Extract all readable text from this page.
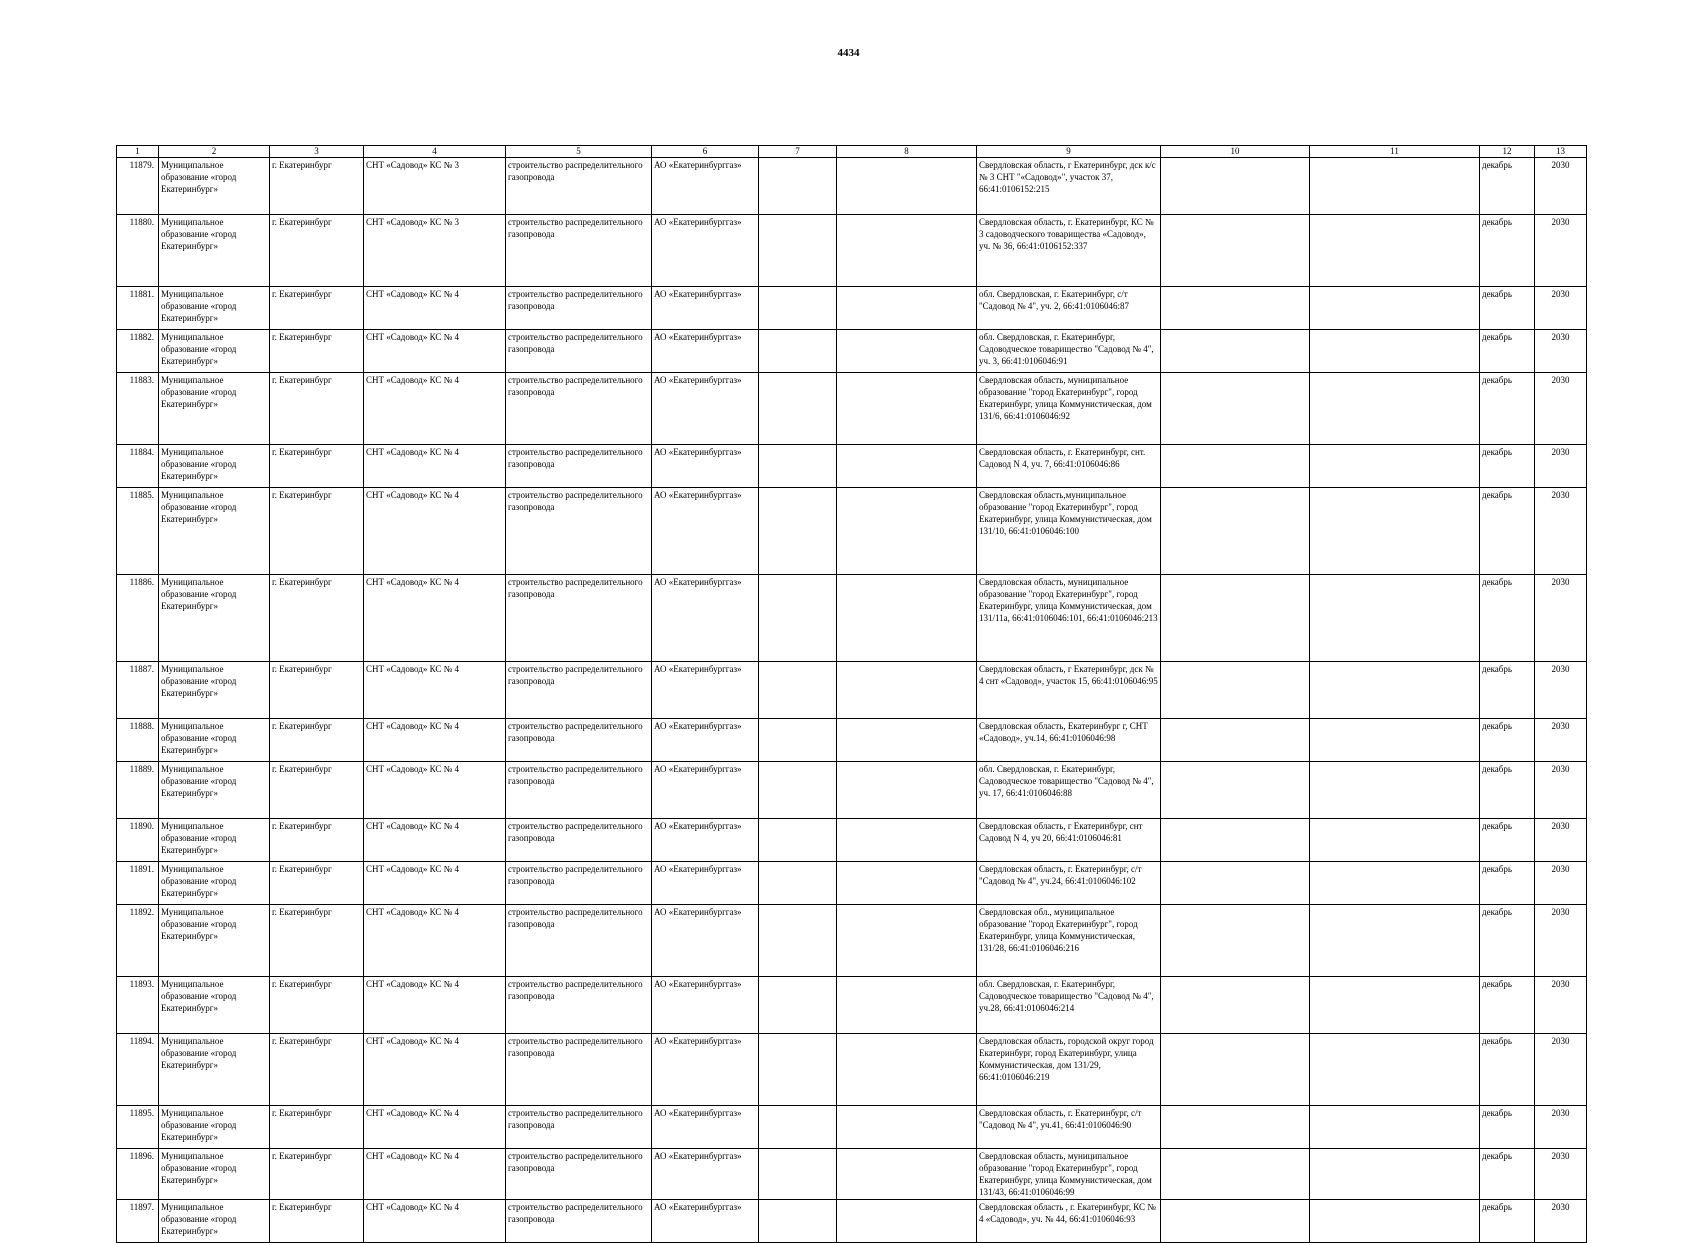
4434
1	2	3	4	5	6	7	8	9	10	11	12	13
11879.	Муниципальное образование «город Екатеринбург»	г. Екатеринбург	СНТ «Садовод» КС № 3	строительство распределительного газопровода	АО «Екатеринбурггаз»			Свердловская область, г Екатеринбург, дск к/с № 3 СНТ "«Садовод»", участок 37, 66:41:0106152:215			декабрь	2030
11880.	Муниципальное образование «город Екатеринбург»	г. Екатеринбург	СНТ «Садовод» КС № 3	строительство распределительного газопровода	АО «Екатеринбурггаз»			Свердловская область, г. Екатеринбург, КС № 3 садоводческого товарищества «Садовод», уч. № 36, 66:41:0106152:337			декабрь	2030
11881.	Муниципальное образование «город Екатеринбург»	г. Екатеринбург	СНТ «Садовод» КС № 4	строительство распределительного газопровода	АО «Екатеринбурггаз»			обл. Свердловская, г. Екатеринбург, с/т "Садовод № 4", уч. 2, 66:41:0106046:87			декабрь	2030
11882.	Муниципальное образование «город Екатеринбург»	г. Екатеринбург	СНТ «Садовод» КС № 4	строительство распределительного газопровода	АО «Екатеринбурггаз»			обл. Свердловская, г. Екатеринбург, Садоводческое товарищество "Садовод № 4", уч. 3, 66:41:0106046:91			декабрь	2030
11883.	Муниципальное образование «город Екатеринбург»	г. Екатеринбург	СНТ «Садовод» КС № 4	строительство распределительного газопровода	АО «Екатеринбурггаз»			Свердловская область, муниципальное образование "город Екатеринбург", город Екатеринбург, улица Коммунистическая, дом 131/6, 66:41:0106046:92			декабрь	2030
11884.	Муниципальное образование «город Екатеринбург»	г. Екатеринбург	СНТ «Садовод» КС № 4	строительство распределительного газопровода	АО «Екатеринбурггаз»			Свердловская область, г. Екатеринбург, снт. Садовод N 4, уч. 7, 66:41:0106046:86			декабрь	2030
11885.	Муниципальное образование «город Екатеринбург»	г. Екатеринбург	СНТ «Садовод» КС № 4	строительство распределительного газопровода	АО «Екатеринбурггаз»			Свердловская область,муниципальное образование "город Екатеринбург", город Екатеринбург, улица Коммунистическая, дом 131/10, 66:41:0106046:100			декабрь	2030
11886.	Муниципальное образование «город Екатеринбург»	г. Екатеринбург	СНТ «Садовод» КС № 4	строительство распределительного газопровода	АО «Екатеринбурггаз»			Свердловская область, муниципальное образование "город Екатеринбург", город Екатеринбург, улица Коммунистическая, дом 131/11а, 66:41:0106046:101, 66:41:0106046:213			декабрь	2030
11887.	Муниципальное образование «город Екатеринбург»	г. Екатеринбург	СНТ «Садовод» КС № 4	строительство распределительного газопровода	АО «Екатеринбурггаз»			Свердловская область, г Екатеринбург, дск № 4 снт «Садовод», участок 15, 66:41:0106046:95			декабрь	2030
11888.	Муниципальное образование «город Екатеринбург»	г. Екатеринбург	СНТ «Садовод» КС № 4	строительство распределительного газопровода	АО «Екатеринбурггаз»			Свердловская область, Екатеринбург г, СНТ «Садовод», уч.14, 66:41:0106046:98			декабрь	2030
11889.	Муниципальное образование «город Екатеринбург»	г. Екатеринбург	СНТ «Садовод» КС № 4	строительство распределительного газопровода	АО «Екатеринбурггаз»			обл. Свердловская, г. Екатеринбург, Садоводческое товарищество "Садовод № 4", уч. 17, 66:41:0106046:88			декабрь	2030
11890.	Муниципальное образование «город Екатеринбург»	г. Екатеринбург	СНТ «Садовод» КС № 4	строительство распределительного газопровода	АО «Екатеринбурггаз»			Свердловская область, г Екатеринбург, снт Садовод N 4, уч 20, 66:41:0106046:81			декабрь	2030
11891.	Муниципальное образование «город Екатеринбург»	г. Екатеринбург	СНТ «Садовод» КС № 4	строительство распределительного газопровода	АО «Екатеринбурггаз»			Свердловская область, г. Екатеринбург, с/т "Садовод № 4", уч.24, 66:41:0106046:102			декабрь	2030
11892.	Муниципальное образование «город Екатеринбург»	г. Екатеринбург	СНТ «Садовод» КС № 4	строительство распределительного газопровода	АО «Екатеринбурггаз»			Свердловская обл., муниципальное образование "город Екатеринбург", город Екатеринбург, улица Коммунистическая, 131/28, 66:41:0106046:216			декабрь	2030
11893.	Муниципальное образование «город Екатеринбург»	г. Екатеринбург	СНТ «Садовод» КС № 4	строительство распределительного газопровода	АО «Екатеринбурггаз»			обл. Свердловская, г. Екатеринбург, Садоводческое товарищество "Садовод № 4", уч.28, 66:41:0106046:214			декабрь	2030
11894.	Муниципальное образование «город Екатеринбург»	г. Екатеринбург	СНТ «Садовод» КС № 4	строительство распределительного газопровода	АО «Екатеринбурггаз»			Свердловская область, городской округ город Екатеринбург, город Екатеринбург, улица Коммунистическая, дом 131/29, 66:41:0106046:219			декабрь	2030
11895.	Муниципальное образование «город Екатеринбург»	г. Екатеринбург	СНТ «Садовод» КС № 4	строительство распределительного газопровода	АО «Екатеринбурггаз»			Свердловская область, г. Екатеринбург, с/т "Садовод № 4", уч.41, 66:41:0106046:90			декабрь	2030
11896.	Муниципальное образование «город Екатеринбург»	г. Екатеринбург	СНТ «Садовод» КС № 4	строительство распределительного газопровода	АО «Екатеринбурггаз»			Свердловская область, муниципальное образование "город Екатеринбург", город Екатеринбург, улица Коммунистическая, дом 131/43, 66:41:0106046:99			декабрь	2030
11897.	Муниципальное образование «город Екатеринбург»	г. Екатеринбург	СНТ «Садовод» КС № 4	строительство распределительного газопровода	АО «Екатеринбурггаз»			Свердловская область , г. Екатеринбург, КС № 4 «Садовод», уч. № 44, 66:41:0106046:93			декабрь	2030
